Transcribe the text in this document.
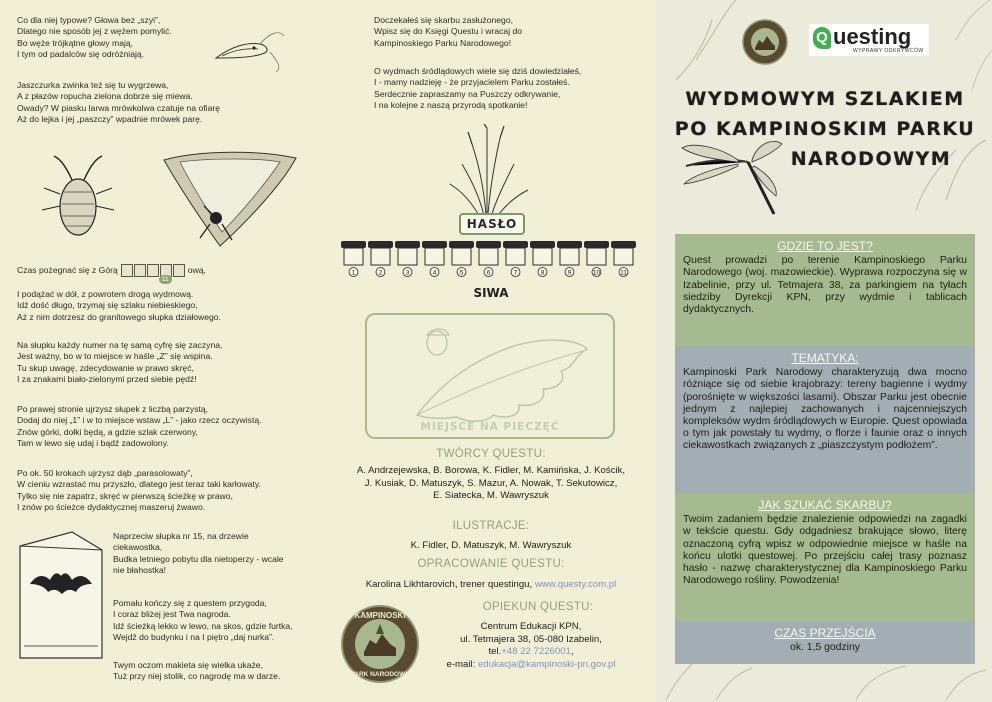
Co dla niej typowe? Głowa bez „szyi”,
Dlatego nie sposób jej z wężem pomylić.
Bo węże trójkątne głowy mają,
I tym od padalców się odróżniają.
Jaszczurka zwinka też się tu wygrzewa,
A z płazów ropucha zielona dobrze się miewa.
Owady? W piasku larwa mrówkolwa czatuje na ofiarę
Aż do lejka i jej „paszczy” wpadnie mrówek parę.
Czas pożegnać się z Górą
11
ową,
I podążać w dół, z powrotem drogą wydmową.
Idź dość długo, trzymaj się szlaku niebieskiego,
Aż z nim dotrzesz do granitowego słupka działowego.
Na słupku każdy numer na tę samą cyfrę się zaczyna,
Jest ważny, bo w to miejsce w haśle „Z” się wspina.
Tu skup uwagę, zdecydowanie w prawo skręć,
I za znakami biało-zielonymi przed siebie pędź!
Po prawej stronie ujrzysz słupek z liczbą parzystą,
Dodaj do niej „1” i w to miejsce wstaw „L” - jako rzecz oczywistą.
Znów górki, dołki będą, a gdzie szlak czerwony,
Tam w lewo się udaj i bądź zadowolony.
Po ok. 50 krokach ujrzysz dąb „parasolowaty”,
W cieniu wzrastać mu przyszło, dlatego jest teraz taki karłowaty.
Tylko się nie zapatrz, skręć w pierwszą ścieżkę w prawo,
I znów po ścieżce dydaktycznej maszeruj żwawo.
Naprzeciw słupka nr 15, na drzewie
ciekawostka,
Budka letniego pobytu dla nietoperzy - wcale
nie błahostka!
Pomału kończy się z questem przygoda,
I coraz bliżej jest Twa nagroda.
Idź ścieżką lekko w lewo, na skos, gdzie furtka,
Wejdź do budynku i na I piętro „daj nurka”.
Twym oczom makieta się wielka ukaże,
Tuż przy niej stolik, co nagrodę ma w darze.
Doczekałeś się skarbu zasłużonego,
Wpisz się do Księgi Questu i wracaj do
Kampinoskiego Parku Narodowego!
O wydmach śródlądowych wiele się dziś dowiedziałeś,
I - mamy nadzieję - że przyjacielem Parku zostałeś.
Serdecznie zapraszamy na Puszczy odkrywanie,
I na kolejne z naszą przyrodą spotkanie!
HASŁO
1	2	3	4	5	6	7	8	9	10	11
SIWA
MIEJSCE NA PIECZĘĆ
TWÓRCY QUESTU:
A. Andrzejewska, B. Borowa, K. Fidler, M. Kamińska, J. Kościk,
J. Kusiak, D. Matuszyk, S. Mazur, A. Nowak, T. Sekutowicz,
E. Siatecka, M. Wawryszuk
ILUSTRACJE:
K. Fidler, D. Matuszyk, M. Wawryszuk
OPRACOWANIE QUESTU:
Karolina Likhtarovich, trener questingu, www.questy.com.pl
KAMPINOSKI
PARK NARODOWY
OPIEKUN QUESTU:
Centrum Edukacji KPN,
ul. Tetmajera 38, 05-080 Izabelin,
tel.+48 22 7226001,
e-mail: edukacja@kampinoski-pn.gov.pl
Q uesting
WYPRAWY ODKRYWCÓW
WYDMOWYM SZLAKIEM
PO KAMPINOSKIM PARKU
NARODOWYM
GDZIE TO JEST?
Quest prowadzi po terenie Kampinoskiego Parku Narodowego (woj. mazowieckie). Wyprawa rozpoczyna się w Izabelinie, przy ul. Tetmajera 38, za parkingiem na tyłach siedziby Dyrekcji KPN, przy wydmie i tablicach dydaktycznych.
TEMATYKA:
Kampinoski Park Narodowy charakteryzują dwa mocno różniące się od siebie krajobrazy: tereny bagienne i wydmy (porośnięte w większości lasami). Obszar Parku jest obecnie jednym z najlepiej zachowanych i najcenniejszych kompleksów wydm śródlądowych w Europie. Quest opowiada o tym jak powstały tu wydmy, o florze i faunie oraz o innych ciekawostkach związanych z „piaszczystym podłożem”.
JAK SZUKAĆ SKARBU?
Twoim zadaniem będzie znalezienie odpowiedzi na zagadki w tekście questu. Gdy odgadniesz brakujące słowo, literę oznaczoną cyfrą wpisz w odpowiednie miejsce w haśle na końcu ulotki questowej. Po przejściu całej trasy poznasz hasło - nazwę charakterystycznej dla Kampinoskiego Parku Narodowego rośliny. Powodzenia!
CZAS PRZEJŚCIA
ok. 1,5 godziny
